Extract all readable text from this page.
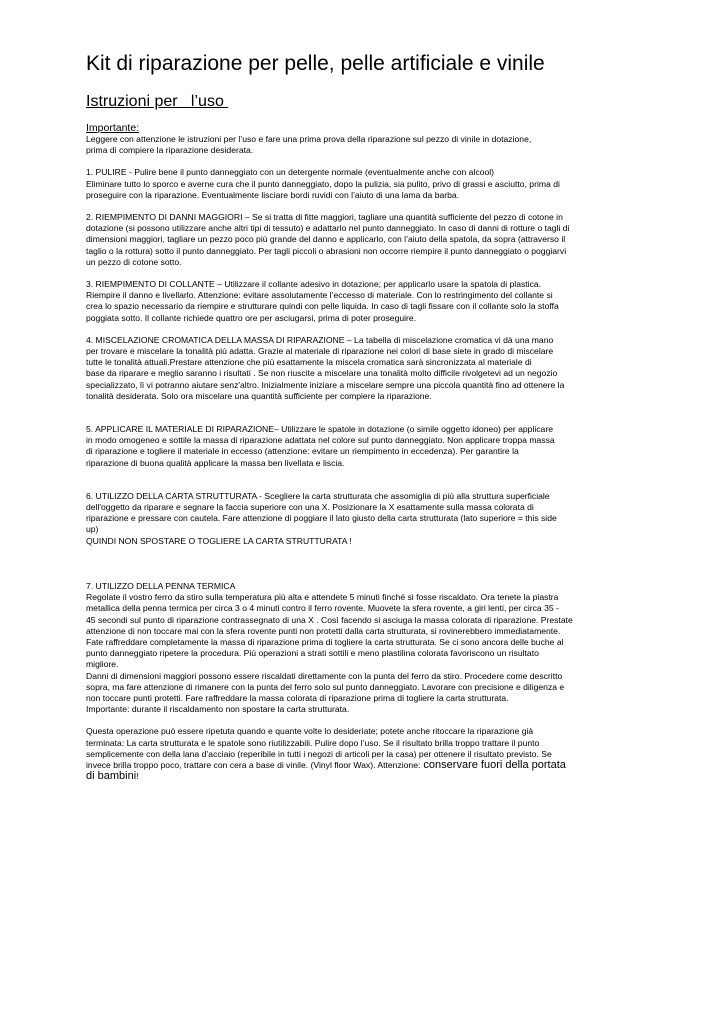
Kit di riparazione per pelle, pelle artificiale e vinile
Istruzioni per   l’uso
Importante:

Leggere con attenzione le istruzioni per l’uso e fare una prima prova della riparazione sul pezzo di vinile in dotazione,
prima di compiere la riparazione desiderata.

1. PULIRE - Pulire bene il punto danneggiato con un detergente normale (eventualmente anche con alcool)
Eliminare tutto lo sporco e averne cura che il punto danneggiato, dopo la pulizia, sia pulito, privo di grassi e asciutto, prima di
proseguire con la riparazione. Eventualmente lisciare bordi ruvidi con l’aiuto di una lama da barba.

2. RIEMPIMENTO DI DANNI MAGGIORI – Se si tratta di fitte maggiori, tagliare una quantità sufficiente del pezzo di cotone in
dotazione (si possono utilizzare anche altri tipi di tessuto) e adattarlo nel punto danneggiato. In caso di danni di rotture o tagli di
dimensioni maggiori, tagliare un pezzo poco più grande del danno e applicarlo, con l’aiuto della spatola, da sopra (attraverso il
taglio o la rottura) sotto il punto danneggiato. Per tagli piccoli o abrasioni non occorre riempire il punto danneggiato o poggiarvi
un pezzo di cotone sotto.

3. RIEMPIMENTO DI COLLANTE – Utilizzare il collante adesivo in dotazione; per applicarlo usare la spatola di plastica.
Riempire il danno e livellarlo. Attenzione: evitare assolutamente l’eccesso di materiale. Con lo restringimento del collante si
crea lo spazio necessario da riempire e strutturare quindi con pelle liquida. In caso di tagli fissare con il collante solo la stoffa
poggiata sotto. Il collante richiede quattro ore per asciugarsi, prima di poter proseguire.

4. MISCELAZIONE CROMATICA DELLA MASSA DI RIPARAZIONE – La tabella di miscelazione cromatica vi dà una mano
per trovare e miscelare la tonalità più adatta. Grazie al materiale di riparazione nei colori di base siete in grado di miscelare
tutte le tonalità attuali.Prestare attenzione che più esattamente la miscela cromatica sarà sincronizzata al materiale di
base da riparare e meglio saranno i risultati . Se non riuscite a miscelare una tonalità molto difficile rivolgetevi ad un negozio
specializzato, lì vi potranno aiutare senz'altro. Inizialmente iniziare a miscelare sempre una piccola quantità fino ad ottenere la
tonalità desiderata. Solo ora miscelare una quantità sufficiente per compiere la riparazione.

5. APPLICARE IL MATERIALE DI RIPARAZIONE– Utilizzare le spatole in dotazione (o simile oggetto idoneo) per applicare
in modo omogeneo e sottile la massa di riparazione adattata nel colore sul punto danneggiato. Non applicare troppa massa
di riparazione e togliere il materiale in eccesso (attenzione: evitare un riempimento in eccedenza). Per garantire la
riparazione di buona qualità applicare la massa ben livellata e liscia.

6. UTILIZZO DELLA CARTA STRUTTURATA - Scegliere la carta strutturata che assomiglia di più alla struttura superficiale
dell'oggetto da riparare e segnare la faccia superiore con una X. Posizionare la X esattamente sulla massa colorata di
riparazione e pressare con cautela. Fare attenzione di poggiare il lato giusto della carta strutturata (lato superiore = this side
up)
QUINDI NON SPOSTARE O TOGLIERE LA CARTA STRUTTURATA !

7. UTILIZZO DELLA PENNA TERMICA
Regolate il vostro ferro da stiro sulla temperatura più alta e attendete 5 minuti finché si fosse riscaldato. Ora tenete la piastra
metallica della penna termica per circa 3 o 4 minuti contro il ferro rovente. Muovete la sfera rovente, a giri lenti, per circa 35 -
45 secondi sul punto di riparazione contrassegnato di una X . Così facendo si asciuga la massa colorata di riparazione. Prestate
attenzione di non toccare mai con la sfera rovente punti non protetti dalla carta strutturata, si rovinerebbero immediatamente.
Fate raffreddare completamente la massa di riparazione prima di togliere la carta strutturata. Se ci sono ancora delle buche al
punto danneggiato ripetere la procedura. Più operazioni a strati sottili e meno plastilina colorata favoriscono un risultato
migliore.
Danni di dimensioni maggiori possono essere riscaldati direttamente con la punta del ferro da stiro. Procedere come descritto
sopra, ma fare attenzione di rimanere con la punta del ferro solo sul punto danneggiato. Lavorare con precisione e diligenza e
non toccare punti protetti. Fare raffreddare la massa colorata di riparazione prima di togliere la carta strutturata.
Importante: durante il riscaldamento non spostare la carta strutturata.

Questa operazione può essere ripetuta quando e quante volte lo desideriate; potete anche ritoccare la riparazione già
terminata: La carta strutturata e le spatole sono riutilizzabili. Pulire dopo l’uso. Se il risultato brilla troppo trattare il punto
semplicemente con della lana d’acciaio (reperibile in tutti i negozi di articoli per la casa) per ottenere il risultato previsto. Se
invece brilla troppo poco, trattare con cera a base di vinile. (Vinyl floor Wax). Attenzione: conservare fuori della portata
di bambini!
